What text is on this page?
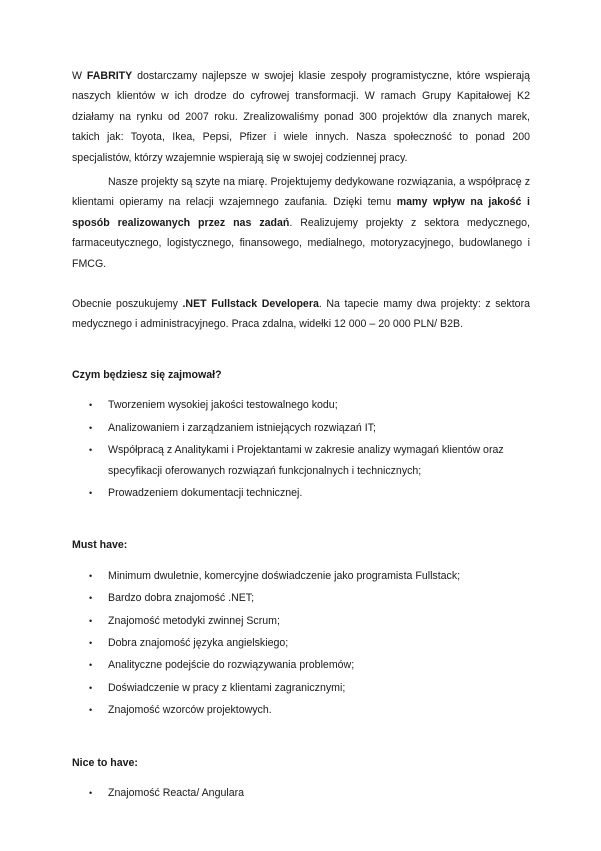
W FABRITY dostarczamy najlepsze w swojej klasie zespoły programistyczne, które wspierają naszych klientów w ich drodze do cyfrowej transformacji. W ramach Grupy Kapitałowej K2 działamy na rynku od 2007 roku. Zrealizowaliśmy ponad 300 projektów dla znanych marek, takich jak: Toyota, Ikea, Pepsi, Pfizer i wiele innych. Nasza społeczność to ponad 200 specjalistów, którzy wzajemnie wspierają się w swojej codziennej pracy.

Nasze projekty są szyte na miarę. Projektujemy dedykowane rozwiązania, a współpracę z klientami opieramy na relacji wzajemnego zaufania. Dzięki temu mamy wpływ na jakość i sposób realizowanych przez nas zadań. Realizujemy projekty z sektora medycznego, farmaceutycznego, logistycznego, finansowego, medialnego, motoryzacyjnego, budowlanego i FMCG.

Obecnie poszukujemy .NET Fullstack Developera. Na tapecie mamy dwa projekty: z sektora medycznego i administracyjnego. Praca zdalna, widełki 12 000 – 20 000 PLN/ B2B.

Czym będziesz się zajmował?
• Tworzeniem wysokiej jakości testowalnego kodu;
• Analizowaniem i zarządzaniem istniejących rozwiązań IT;
• Współpracą z Analitykami i Projektantami w zakresie analizy wymagań klientów oraz specyfikacji oferowanych rozwiązań funkcjonalnych i technicznych;
• Prowadzeniem dokumentacji technicznej.
Must have:
• Minimum dwuletnie, komercyjne doświadczenie jako programista Fullstack;
• Bardzo dobra znajomość .NET;
• Znajomość metodyki zwinnej Scrum;
• Dobra znajomość języka angielskiego;
• Analityczne podejście do rozwiązywania problemów;
• Doświadczenie w pracy z klientami zagranicznymi;
• Znajomość wzorców projektowych.
Nice to have:
• Znajomość Reacta/ Angulara
